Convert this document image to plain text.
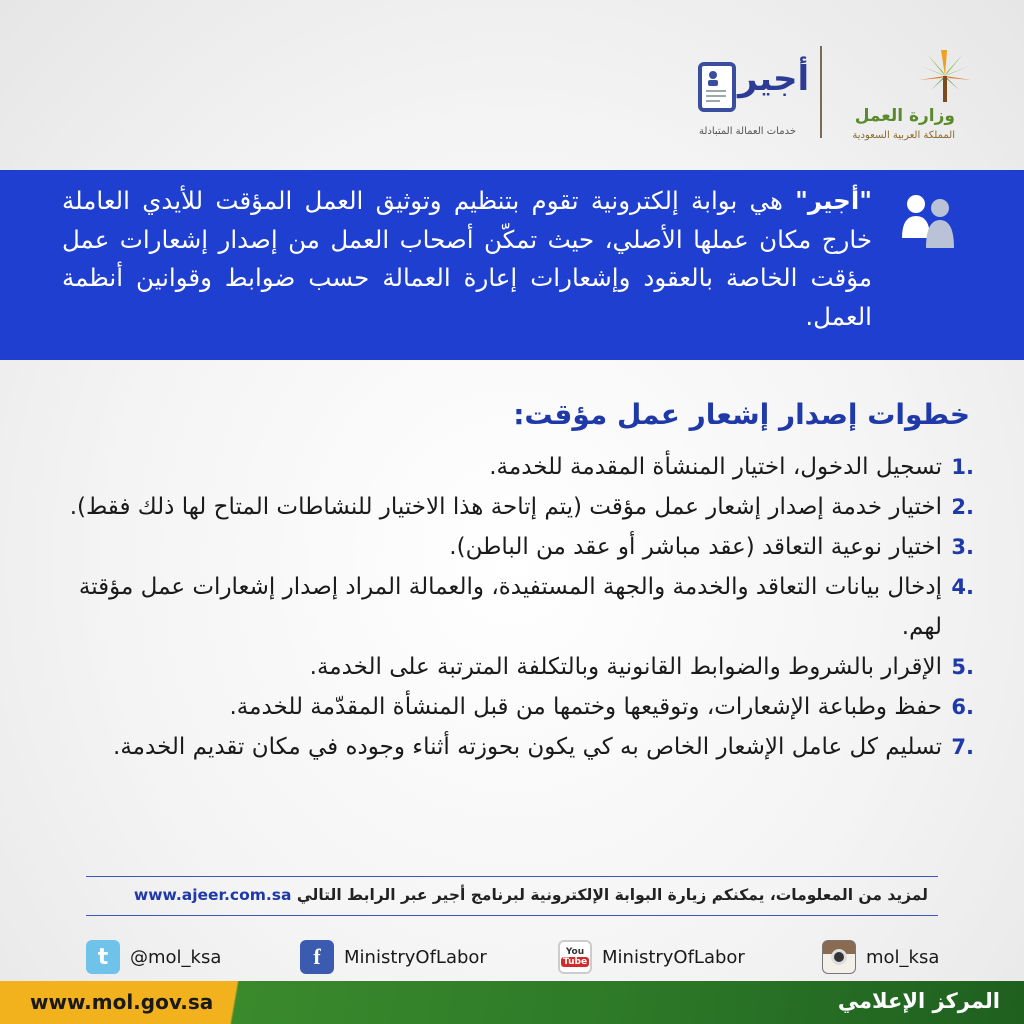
وزارة العمل
المملكة العربية السعودية
أجير
خدمات العمالة المتبادلة
"أجير" هي بوابة إلكترونية تقوم بتنظيم وتوثيق العمل المؤقت للأيدي العاملة خارج مكان عملها الأصلي، حيث تمكّن أصحاب العمل من إصدار إشعارات عمل مؤقت الخاصة بالعقود وإشعارات إعارة العمالة حسب ضوابط وقوانين أنظمة العمل.
خطوات إصدار إشعار عمل مؤقت:
1.
تسجيل الدخول، اختيار المنشأة المقدمة للخدمة.
2.
اختيار خدمة إصدار إشعار عمل مؤقت (يتم إتاحة هذا الاختيار للنشاطات المتاح لها ذلك فقط).
3.
اختيار نوعية التعاقد (عقد مباشر أو عقد من الباطن).
4.
إدخال بيانات التعاقد والخدمة والجهة المستفيدة، والعمالة المراد إصدار إشعارات عمل مؤقتة لهم.
5.
الإقرار بالشروط والضوابط القانونية وبالتكلفة المترتبة على الخدمة.
6.
حفظ وطباعة الإشعارات، وتوقيعها وختمها من قبل المنشأة المقدّمة للخدمة.
7.
تسليم كل عامل الإشعار الخاص به كي يكون بحوزته أثناء وجوده في مكان تقديم الخدمة.
لمزيد من المعلومات، يمكنكم زيارة البوابة الإلكترونية لبرنامج أجير عبر الرابط التالي www.ajeer.com.sa
t	@mol_ksa	f	MinistryOfLabor	You
Tube MinistryOfLabor	mol_ksa
www.mol.gov.sa	المركز الإعلامي
